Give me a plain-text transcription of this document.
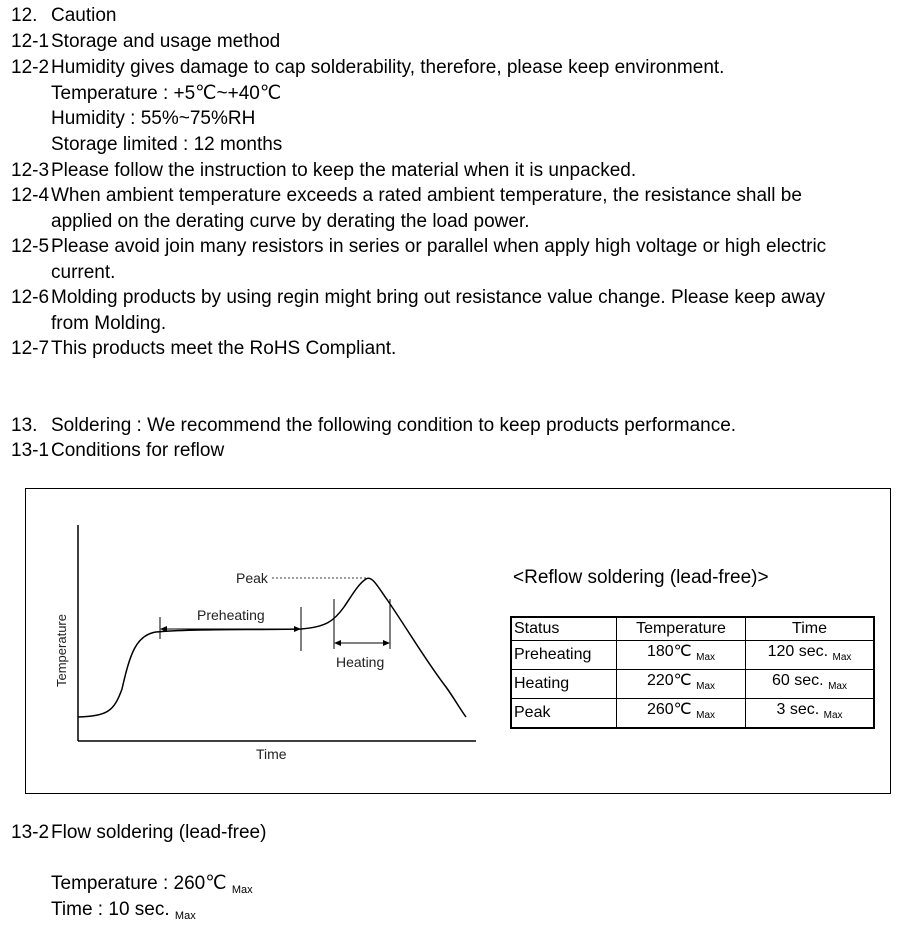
12. Caution
12-1 Storage and usage method
12-2 Humidity gives damage to cap solderability, therefore, please keep environment.
Temperature : +5℃~+40℃
Humidity : 55%~75%RH
Storage limited : 12 months
12-3 Please follow the instruction to keep the material when it is unpacked.
12-4 When ambient temperature exceeds a rated ambient temperature, the resistance shall be
applied on the derating curve by derating the load power.
12-5 Please avoid join many resistors in series or parallel when apply high voltage or high electric
current.
12-6 Molding products by using regin might bring out resistance value change. Please keep away
from Molding.
12-7 This products meet the RoHS Compliant.
13. Soldering : We recommend the following condition to keep products performance.
13-1 Conditions for reflow
Peak
Preheating
Heating
Time
Temperature
<Reflow soldering (lead-free)>
Status	Temperature	Time
Preheating	180℃ $_{Max}$	120 sec. $_{Max}$
Heating	220℃ $_{Max}$	60 sec. $_{Max}$
Peak	260℃ $_{Max}$	3 sec. $_{Max}$
13-2 Flow soldering (lead-free)
Temperature : 260℃ $_{Max}$
Time : 10 sec. $_{Max}$
